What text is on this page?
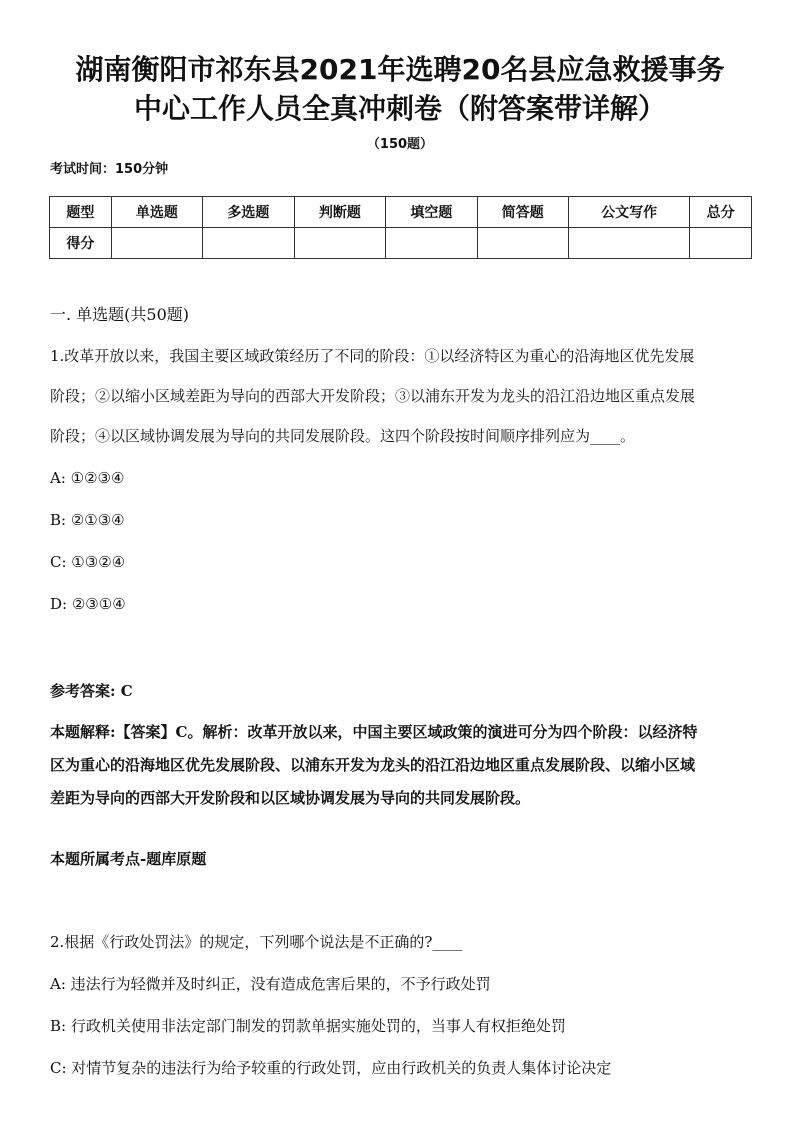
湖南衡阳市祁东县2021年选聘20名县应急救援事务
中心工作人员全真冲刺卷（附答案带详解）
（150题）
考试时间：150分钟
题型	单选题	多选题	判断题	填空题	简答题	公文写作	总分
得分							
一. 单选题(共50题)
1.改革开放以来，我国主要区域政策经历了不同的阶段：①以经济特区为重心的沿海地区优先发展
阶段；②以缩小区域差距为导向的西部大开发阶段；③以浦东开发为龙头的沿江沿边地区重点发展
阶段；④以区域协调发展为导向的共同发展阶段。这四个阶段按时间顺序排列应为____。
A: ①②③④
B: ②①③④
C: ①③②④
D: ②③①④
参考答案: C
本题解释:【答案】C。解析：改革开放以来，中国主要区域政策的演进可分为四个阶段：以经济特
区为重心的沿海地区优先发展阶段、以浦东开发为龙头的沿江沿边地区重点发展阶段、以缩小区域
差距为导向的西部大开发阶段和以区域协调发展为导向的共同发展阶段。
本题所属考点-题库原题
2.根据《行政处罚法》的规定，下列哪个说法是不正确的?____
A: 违法行为轻微并及时纠正，没有造成危害后果的，不予行政处罚
B: 行政机关使用非法定部门制发的罚款单据实施处罚的，当事人有权拒绝处罚
C: 对情节复杂的违法行为给予较重的行政处罚，应由行政机关的负责人集体讨论决定
